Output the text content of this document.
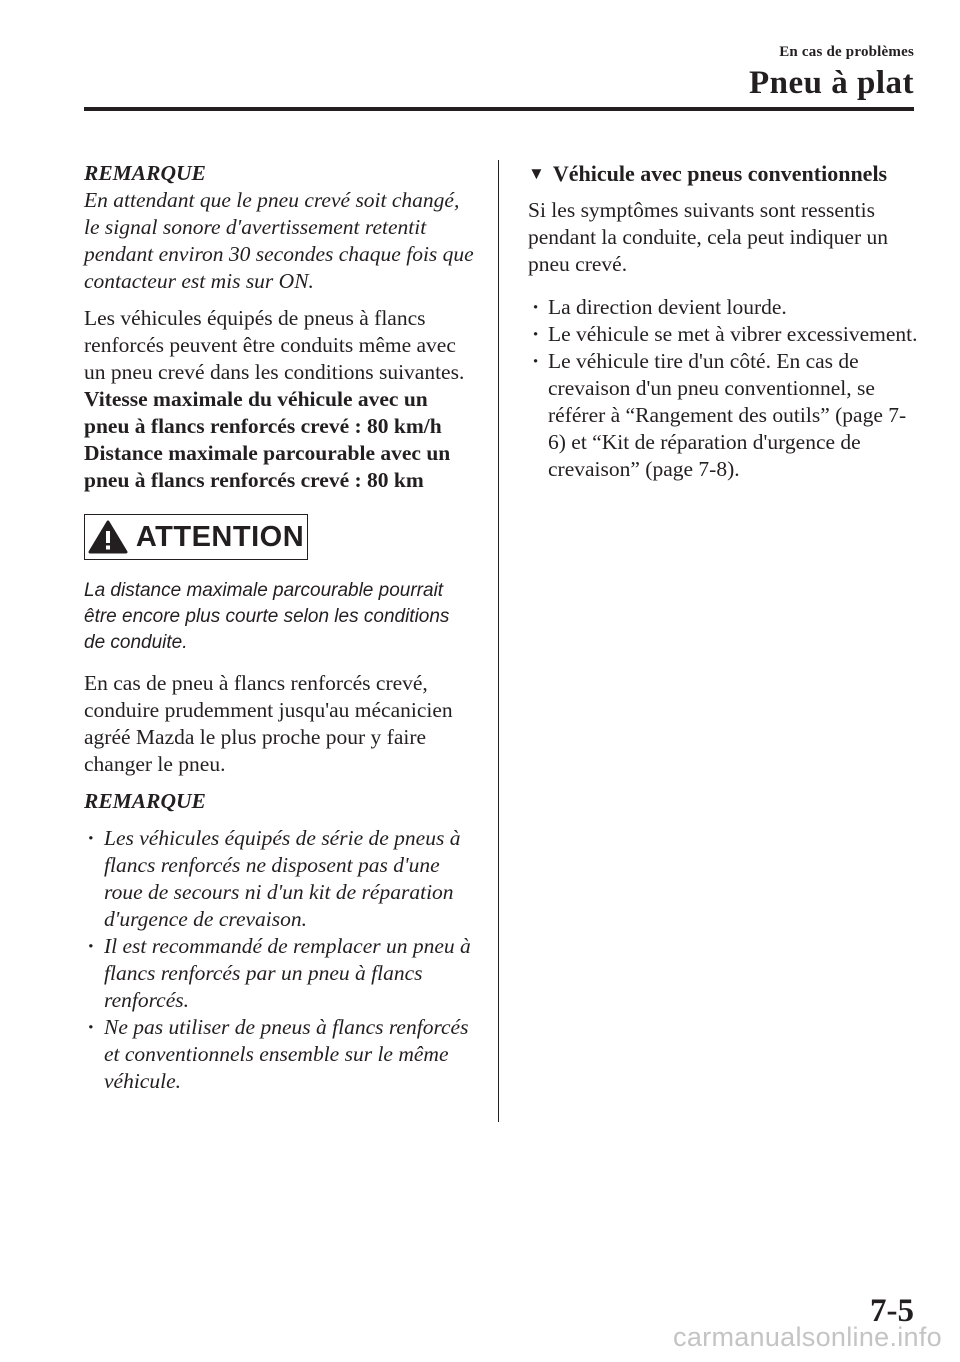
En cas de problèmes
Pneu à plat

REMARQUE

En attendant que le pneu crevé soit changé, le signal sonore d'avertissement retentit pendant environ 30 secondes chaque fois que contacteur est mis sur ON.

Les véhicules équipés de pneus à flancs renforcés peuvent être conduits même avec un pneu crevé dans les conditions suivantes.

Vitesse maximale du véhicule avec un pneu à flancs renforcés crevé : 80 km/h

Distance maximale parcourable avec un pneu à flancs renforcés crevé : 80 km

ATTENTION

La distance maximale parcourable pourrait être encore plus courte selon les conditions de conduite.

En cas de pneu à flancs renforcés crevé, conduire prudemment jusqu'au mécanicien agréé Mazda le plus proche pour y faire changer le pneu.

REMARQUE

· Les véhicules équipés de série de pneus à flancs renforcés ne disposent pas d'une roue de secours ni d'un kit de réparation d'urgence de crevaison.
· Il est recommandé de remplacer un pneu à flancs renforcés par un pneu à flancs renforcés.
· Ne pas utiliser de pneus à flancs renforcés et conventionnels ensemble sur le même véhicule.

▼ Véhicule avec pneus conventionnels

Si les symptômes suivants sont ressentis pendant la conduite, cela peut indiquer un pneu crevé.

· La direction devient lourde.
· Le véhicule se met à vibrer excessivement.
· Le véhicule tire d'un côté. En cas de crevaison d'un pneu conventionnel, se référer à “Rangement des outils” (page 7-6) et “Kit de réparation d'urgence de crevaison” (page 7-8).
7-5
carmanualsonline.info
